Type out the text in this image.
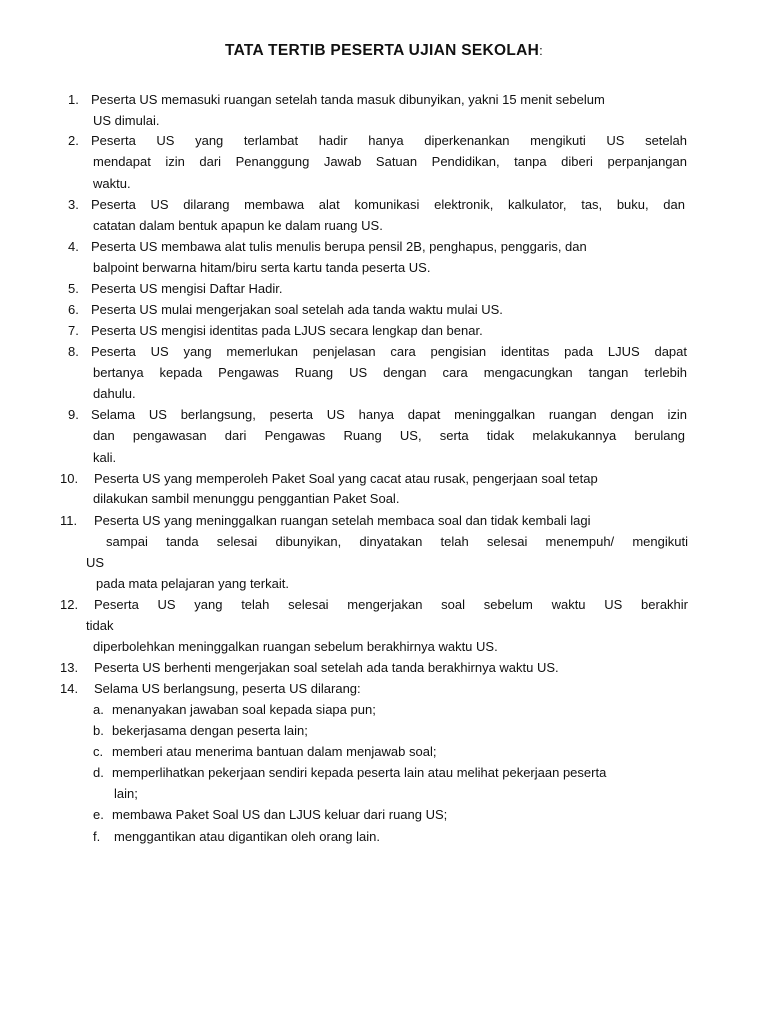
TATA TERTIB PESERTA UJIAN SEKOLAH:
1. Peserta US memasuki ruangan setelah tanda masuk dibunyikan, yakni 15 menit sebelum
US dimulai.
2. Peserta US yang terlambat hadir hanya diperkenankan mengikuti US setelah
mendapat izin dari Penanggung Jawab Satuan Pendidikan, tanpa diberi perpanjangan
waktu.
3. Peserta US dilarang membawa alat komunikasi elektronik, kalkulator, tas, buku, dan
catatan dalam bentuk apapun ke dalam ruang US.
4. Peserta US membawa alat tulis menulis berupa pensil 2B, penghapus, penggaris, dan
balpoint berwarna hitam/biru serta kartu tanda peserta US.
5. Peserta US mengisi Daftar Hadir.
6. Peserta US mulai mengerjakan soal setelah ada tanda waktu mulai US.
7. Peserta US mengisi identitas pada LJUS secara lengkap dan benar.
8. Peserta US yang memerlukan penjelasan cara pengisian identitas pada LJUS dapat
bertanya kepada Pengawas Ruang US dengan cara mengacungkan tangan terlebih
dahulu.
9. Selama US berlangsung, peserta US hanya dapat meninggalkan ruangan dengan izin
dan pengawasan dari Pengawas Ruang US, serta tidak melakukannya berulang
kali.
10. Peserta US yang memperoleh Paket Soal yang cacat atau rusak, pengerjaan soal tetap
dilakukan sambil menunggu penggantian Paket Soal.
11. Peserta US yang meninggalkan ruangan setelah membaca soal dan tidak kembali lagi
sampai tanda selesai dibunyikan, dinyatakan telah selesai menempuh/ mengikuti
US
pada mata pelajaran yang terkait.
12. Peserta US yang telah selesai mengerjakan soal sebelum waktu US berakhir
tidak
diperbolehkan meninggalkan ruangan sebelum berakhirnya waktu US.
13. Peserta US berhenti mengerjakan soal setelah ada tanda berakhirnya waktu US.
14. Selama US berlangsung, peserta US dilarang:
a. menanyakan jawaban soal kepada siapa pun;
b. bekerjasama dengan peserta lain;
c. memberi atau menerima bantuan dalam menjawab soal;
d. memperlihatkan pekerjaan sendiri kepada peserta lain atau melihat pekerjaan peserta
lain;
e. membawa Paket Soal US dan LJUS keluar dari ruang US;
f. menggantikan atau digantikan oleh orang lain.
